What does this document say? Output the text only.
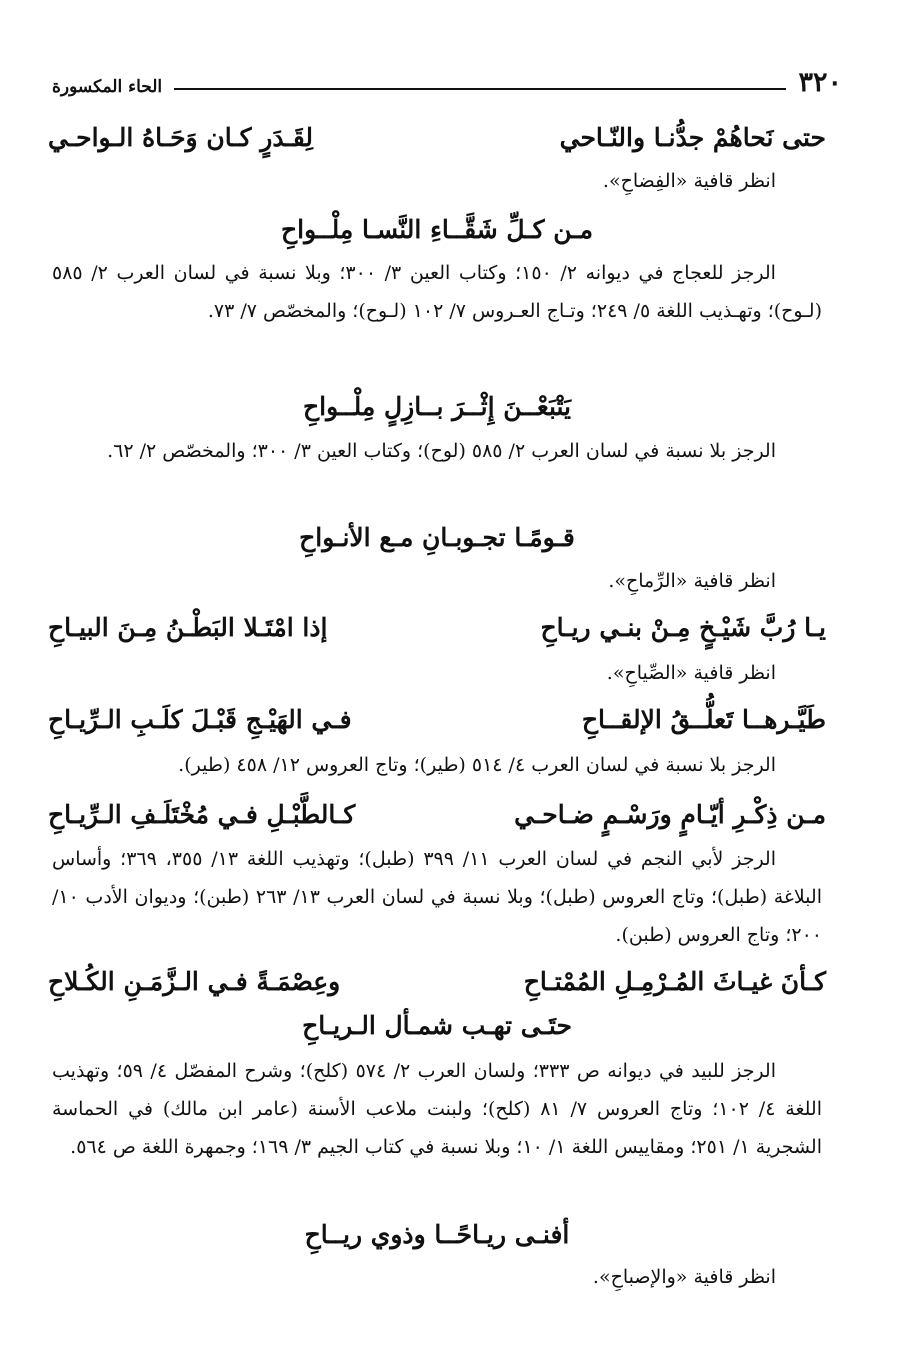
٣٢٠
الحاء المكسورة
حتى نَحاهُمْ جدُّنـا والنّـاحي
لِقَـدَرٍ كـان وَحَـاهُ الـواحـي
انظر قافية «الفِضاحِ».
مـن كـلِّ شَقَّــاءِ النَّسـا مِلْــواحِ
الرجز للعجاج في ديوانه ٢/ ١٥٠؛ وكتاب العين ٣/ ٣٠٠؛ وبلا نسبة في لسان العرب ٢/ ٥٨٥ (لـوح)؛ وتهـذيب اللغة ٥/ ٢٤٩؛ وتـاج العـروس ٧/ ١٠٢ (لـوح)؛ والمخصّص ٧/ ٧٣.
يَتْبَعْــنَ إِثْــرَ بــازِلٍ مِلْــواحِ
الرجز بلا نسبة في لسان العرب ٢/ ٥٨٥ (لوح)؛ وكتاب العين ٣/ ٣٠٠؛ والمخصّص ٢/ ٦٢.
قـومًـا تجـوبـانِ مـع الأنـواحِ
انظر قافية «الرِّماحِ».
يـا رُبَّ شَيْـخٍ مِـنْ بنـي ريـاحِ
إذا امْتَـلا البَطْـنُ مِـنَ البيـاحِ
انظر قافية «الصِّياحِ».
طَيَّـرهــا تَعلُّــقُ الإلقــاحِ
فـي الهَيْـجِ قَبْـلَ كلَـبِ الـرِّيـاحِ
الرجز بلا نسبة في لسان العرب ٤/ ٥١٤ (طير)؛ وتاج العروس ١٢/ ٤٥٨ (طير).
مـن ذِكْـرِ أيّـامٍ ورَسْـمٍ ضـاحـي
كـالطَّبْـلِ فـي مُخْتَلَـفِ الـرِّيـاحِ
الرجز لأبي النجم في لسان العرب ١١/ ٣٩٩ (طبل)؛ وتهذيب اللغة ١٣/ ٣٥٥، ٣٦٩؛ وأساس البلاغة (طبل)؛ وتاج العروس (طبل)؛ وبلا نسبة في لسان العرب ١٣/ ٢٦٣ (طبن)؛ وديوان الأدب ١٠/ ٢٠٠؛ وتاج العروس (طبن).
كـأنَ غيـاثَ المُـرْمِـلِ المُمْتـاحِ
وعِصْمَـةً فـي الـزَّمَـنِ الكُـلاحِ
حتَـى تهـب شمـأل الـريـاحِ
الرجز للبيد في ديوانه ص ٣٣٣؛ ولسان العرب ٢/ ٥٧٤ (كلح)؛ وشرح المفصّل ٤/ ٥٩؛ وتهذيب اللغة ٤/ ١٠٢؛ وتاج العروس ٧/ ٨١ (كلح)؛ ولبنت ملاعب الأسنة (عامر ابن مالك) في الحماسة الشجرية ١/ ٢٥١؛ ومقاييس اللغة ١/ ١٠؛ وبلا نسبة في كتاب الجيم ٣/ ١٦٩؛ وجمهرة اللغة ص ٥٦٤.
أفنـى ريـاحًــا وذوي ريــاحِ
انظر قافية «والإصباحِ».
